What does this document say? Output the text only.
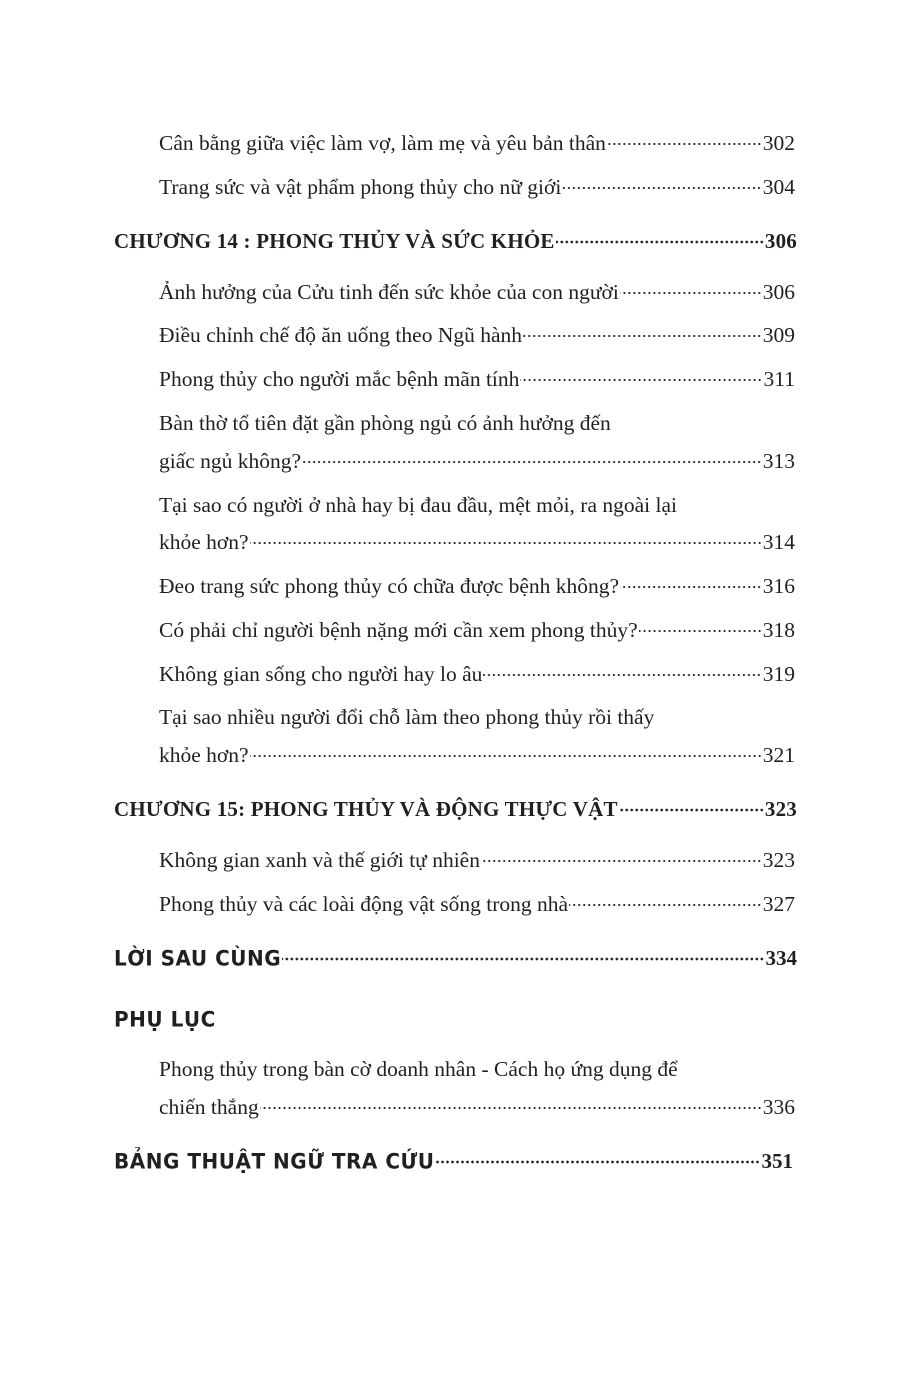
Cân bằng giữa việc làm vợ, làm mẹ và yêu bản thân	302
Trang sức và vật phẩm phong thủy cho nữ giới	304
CHƯƠNG 14 : PHONG THỦY VÀ SỨC KHỎE	306
Ảnh hưởng của Cửu tinh đến sức khỏe của con người	306
Điều chỉnh chế độ ăn uống theo Ngũ hành	309
Phong thủy cho người mắc bệnh mãn tính	311
Bàn thờ tổ tiên đặt gần phòng ngủ có ảnh hưởng đến
giấc ngủ không?	313
Tại sao có người ở nhà hay bị đau đầu, mệt mỏi, ra ngoài lại
khỏe hơn?	314
Đeo trang sức phong thủy có chữa được bệnh không?	316
Có phải chỉ người bệnh nặng mới cần xem phong thủy?	318
Không gian sống cho người hay lo âu	319
Tại sao nhiều người đổi chỗ làm theo phong thủy rồi thấy
khỏe hơn?	321
CHƯƠNG 15: PHONG THỦY VÀ ĐỘNG THỰC VẬT	323
Không gian xanh và thế giới tự nhiên	323
Phong thủy và các loài động vật sống trong nhà	327
LỜI SAU CÙNG	334
PHỤ LỤC
Phong thủy trong bàn cờ doanh nhân - Cách họ ứng dụng để
chiến thắng	336
BẢNG THUẬT NGỮ TRA CỨU	351
